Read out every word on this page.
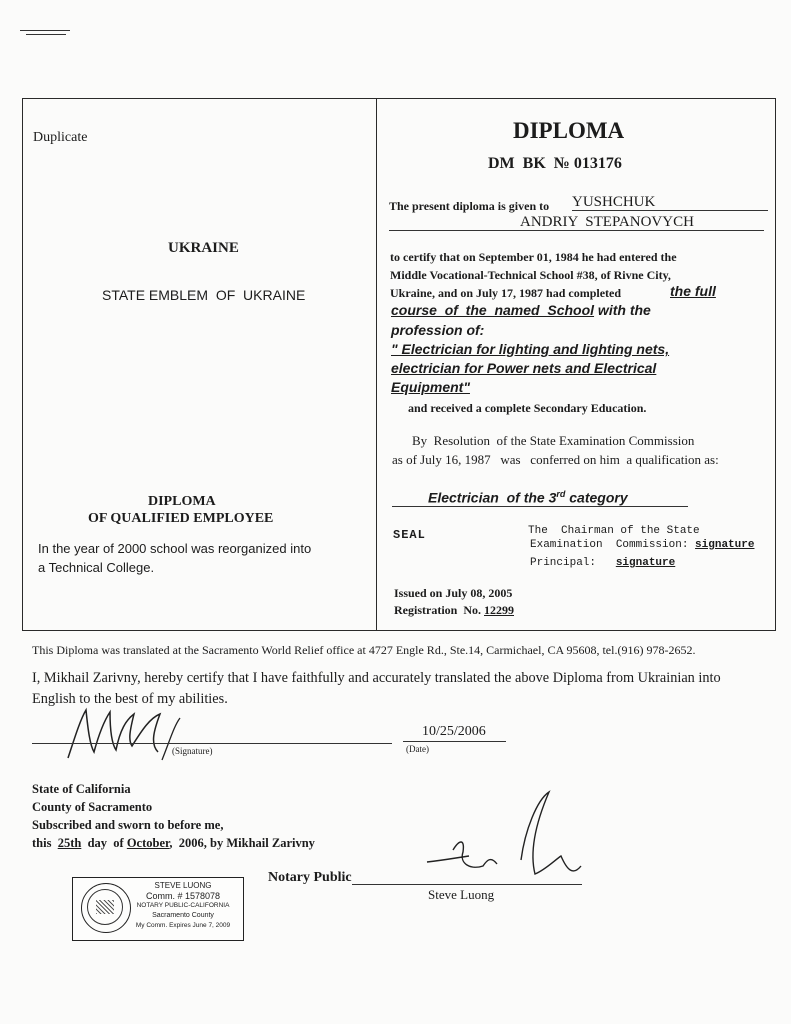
Duplicate
UKRAINE
STATE EMBLEM  OF  UKRAINE
DIPLOMA
OF QUALIFIED EMPLOYEE
In the year of 2000 school was reorganized into
a Technical College.
DIPLOMA
DM  BK  № 013176
The present diploma is given to YUSHCHUK
ANDRIY  STEPANOVYCH
to certify that on September 01, 1984 he had entered the
Middle Vocational-Technical School #38, of Rivne City,
Ukraine, and on July 17, 1987 had completed	the full
course  of  the  named  School with the
profession of:
" Electrician for lighting and lighting nets,
electrician for Power nets and Electrical
Equipment"
and received a complete Secondary Education.
By  Resolution  of the State Examination Commission
as of July 16, 1987   was   conferred on him  a qualification as:
Electrician  of the 3rd category
SEAL	The  Chairman of the State
Examination  Commission: signature
Principal: signature
Issued on July 08, 2005
Registration  No. 12299
This Diploma was translated at the Sacramento World Relief office at 4727 Engle Rd., Ste.14, Carmichael, CA 95608, tel.(916) 978-2652.
I, Mikhail Zarivny, hereby certify that I have faithfully and accurately translated the above Diploma from Ukrainian into
English to the best of my abilities.
(Signature)
10/25/2006
(Date)
State of California
County of Sacramento
Subscribed and sworn to before me,
this 25th day  of October,  2006, by Mikhail Zarivny
Notary Public
Steve Luong
STEVE LUONG
Comm. # 1578078
NOTARY PUBLIC-CALIFORNIA
Sacramento County
My Comm. Expires June 7, 2009
